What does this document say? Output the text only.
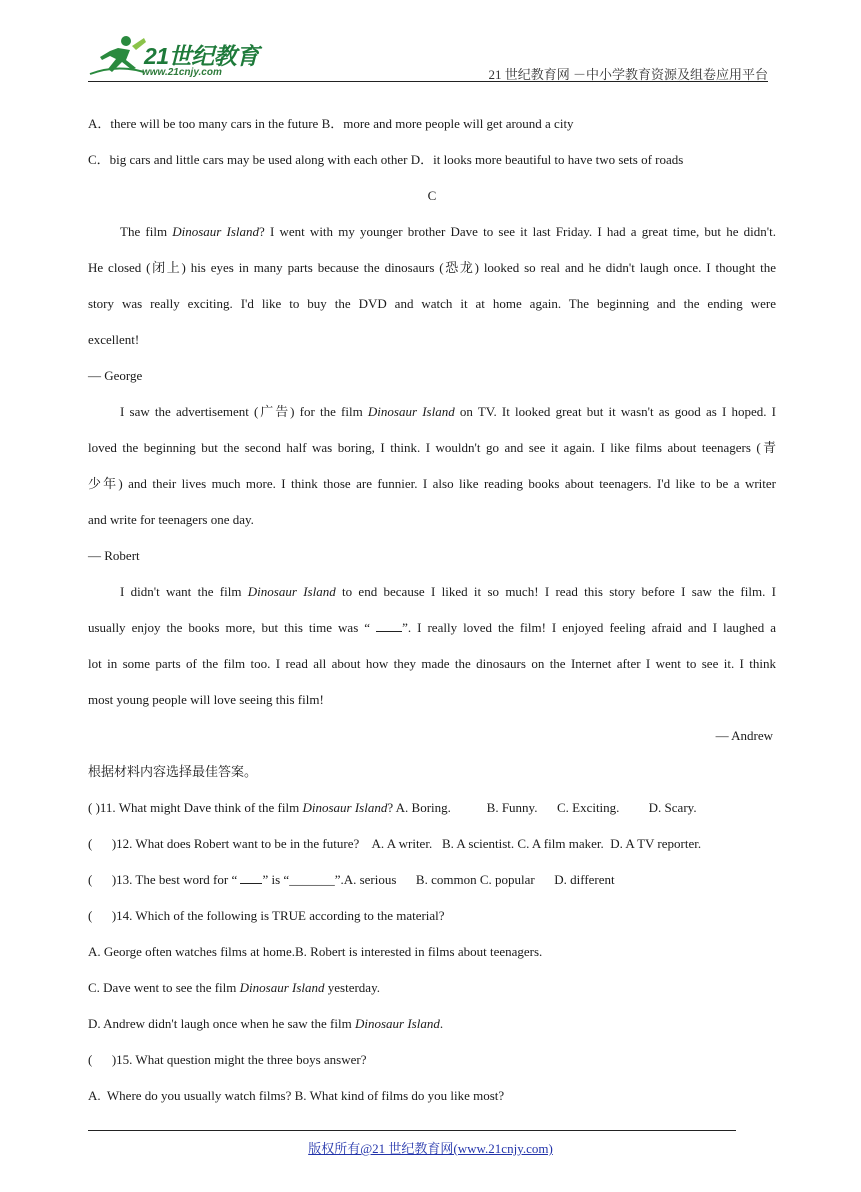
21世纪教育
www.21cnjy.com	21 世纪教育网 －中小学教育资源及组卷应用平台
A．there will be too many cars in the future B．more and more people will get around a city
C．big cars and little cars may be used along with each other D．it looks more beautiful to have two sets of roads
C
The film Dinosaur Island? I went with my younger brother Dave to see it last Friday. I had a great time, but he didn't.
He closed (闭上) his eyes in many parts because the dinosaurs (恐龙) looked so real and he didn't laugh once. I thought the
story was really exciting. I'd like to buy the DVD and watch it at home again. The beginning and the ending were
excellent!
— George
I saw the advertisement (广告) for the film Dinosaur Island on TV. It looked great but it wasn't as good as I hoped. I
loved the beginning but the second half was boring, I think. I wouldn't go and see it again. I like films about teenagers (青
少年) and their lives much more. I think those are funnier. I also like reading books about teenagers. I'd like to be a writer
and write for teenagers one day.
— Robert
I didn't want the film Dinosaur Island to end because I liked it so much! I read this story before I saw the film. I
usually enjoy the books more, but this time was “ ”. I really loved the film! I enjoyed feeling afraid and I laughed a
lot in some parts of the film too. I read all about how they made the dinosaurs on the Internet after I went to see it. I think
most young people will love seeing this film!
— Andrew
根据材料内容选择最佳答案。
( )11. What might Dave think of the film Dinosaur Island? A. Boring.           B. Funny.      C. Exciting.         D. Scary.
(      )12. What does Robert want to be in the future?    A. A writer.   B. A scientist. C. A film maker.  D. A TV reporter.
(      )13. The best word for “ ” is “_______”.A. serious      B. common C. popular      D. different
(      )14. Which of the following is TRUE according to the material?
A. George often watches films at home.B. Robert is interested in films about teenagers.
C. Dave went to see the film Dinosaur Island yesterday.
D. Andrew didn't laugh once when he saw the film Dinosaur Island.
(      )15. What question might the three boys answer?
A.  Where do you usually watch films? B. What kind of films do you like most?
版权所有@21 世纪教育网(www.21cnjy.com)
